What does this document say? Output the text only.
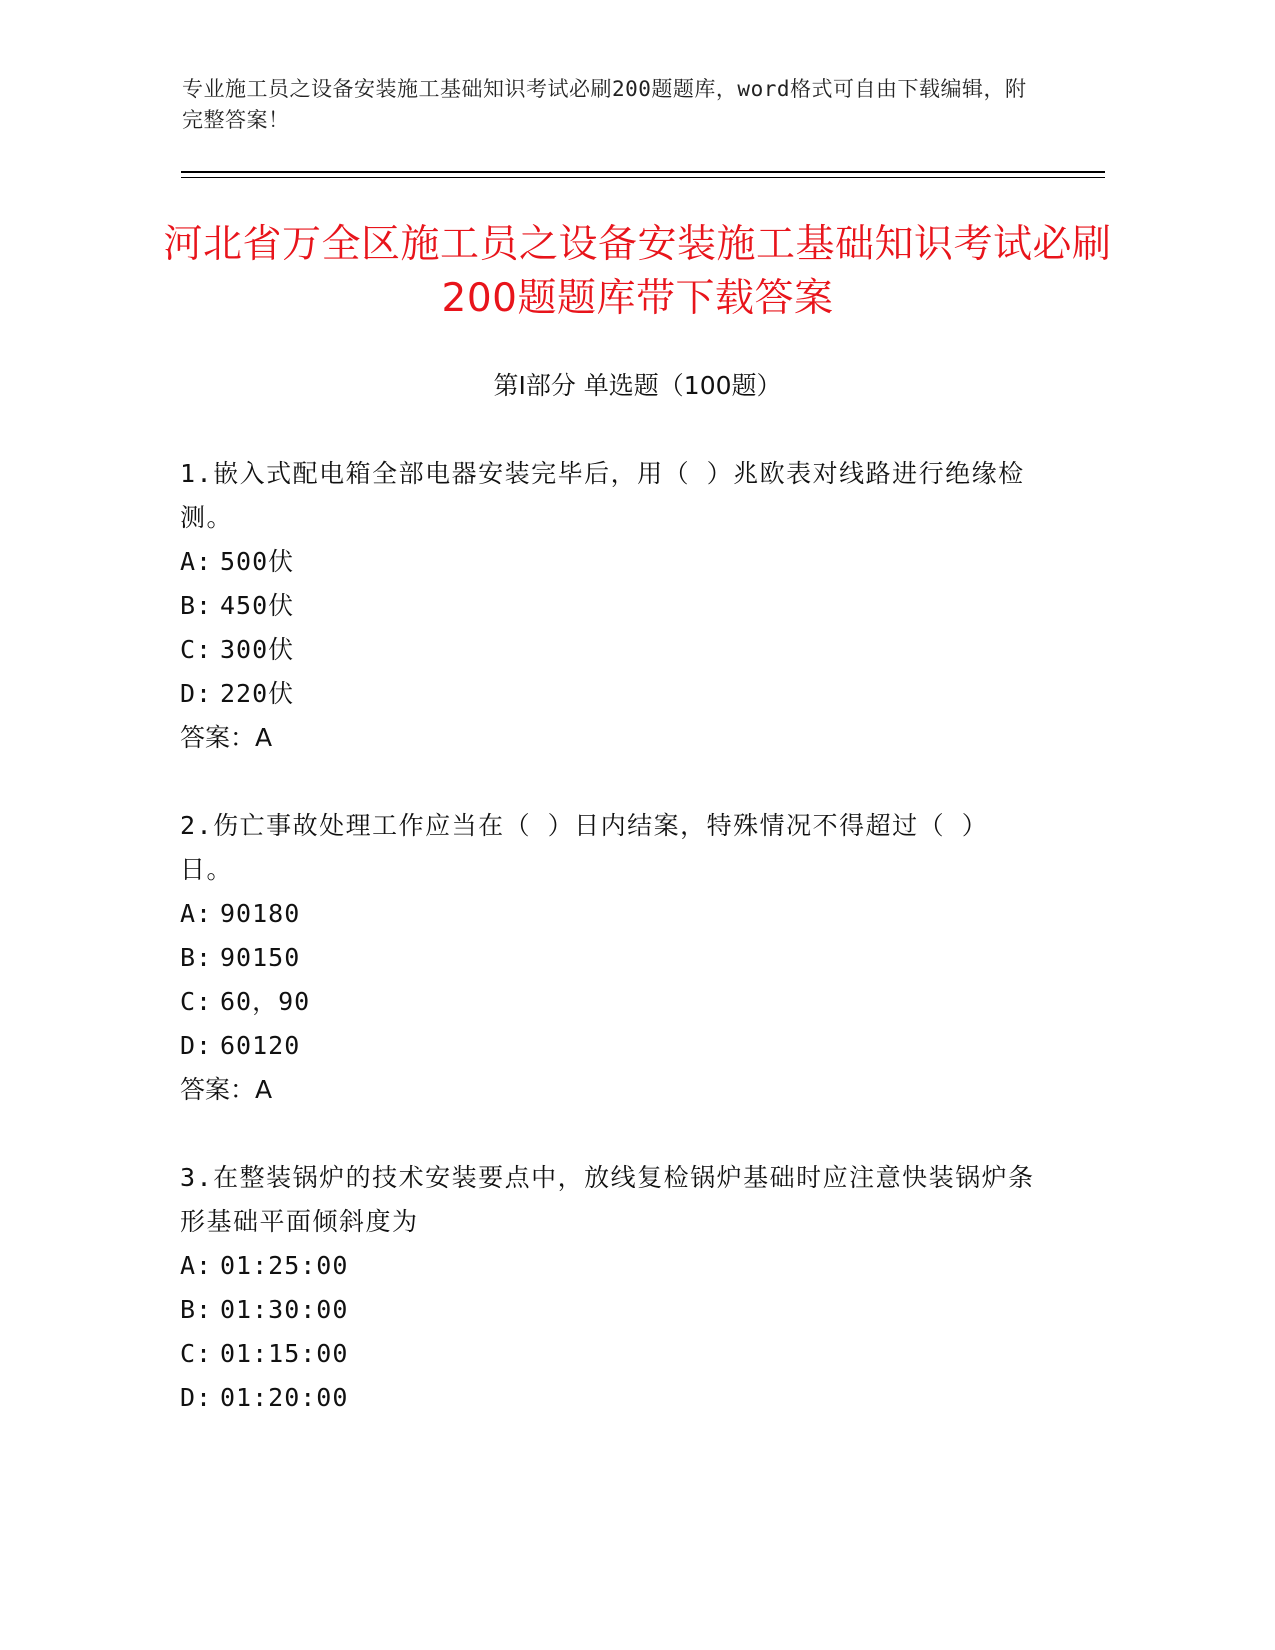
专业施工员之设备安装施工基础知识考试必刷200题题库，word格式可自由下载编辑，附完整答案！
河北省万全区施工员之设备安装施工基础知识考试必刷200题题库带下载答案
第I部分 单选题（100题）

1.嵌入式配电箱全部电器安装完毕后，用（ ）兆欧表对线路进行绝缘检测。

A: 500伏

B: 450伏

C: 300伏

D: 220伏

答案：A

2.伤亡事故处理工作应当在（ ）日内结案，特殊情况不得超过（ ）日。

A: 90180

B: 90150

C: 60，90

D: 60120

答案：A

3.在整装锅炉的技术安装要点中，放线复检锅炉基础时应注意快装锅炉条形基础平面倾斜度为

A: 01:25:00

B: 01:30:00

C: 01:15:00

D: 01:20:00
